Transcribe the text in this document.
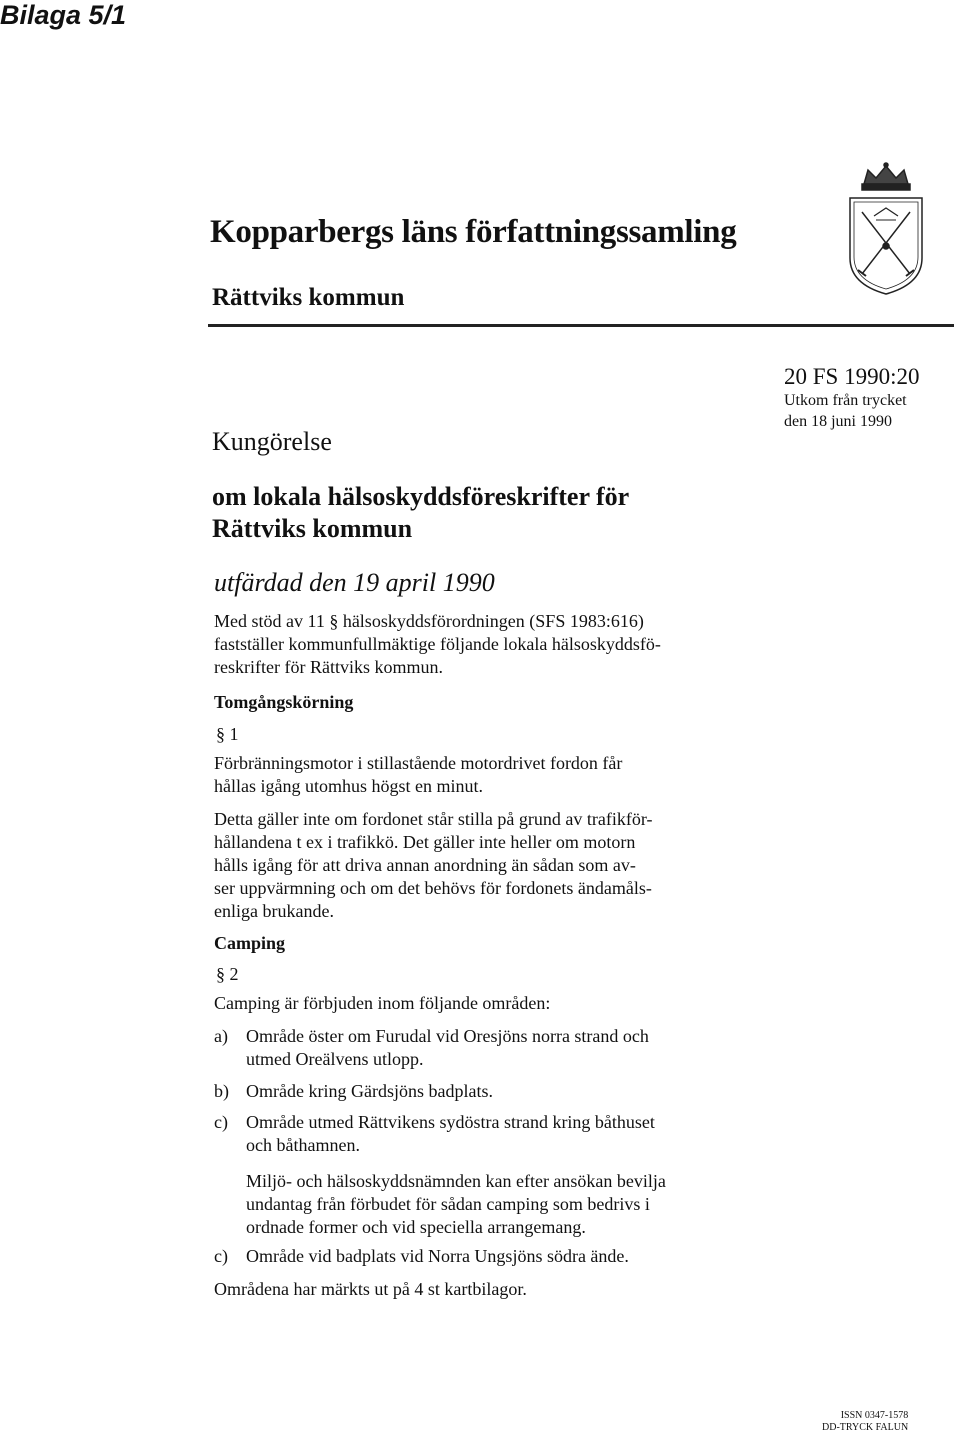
Bilaga 5/1
Kopparbergs läns författningssamling
Rättviks kommun
20 FS 1990:20
Utkom från trycket
den 18 juni 1990
Kungörelse
om lokala hälsoskyddsföreskrifter för
Rättviks kommun
utfärdad den 19 april 1990
Med stöd av 11 § hälsoskyddsförordningen (SFS 1983:616)
fastställer kommunfullmäktige följande lokala hälsoskyddsfö-
reskrifter för Rättviks kommun.
Tomgångskörning
§ 1
Förbränningsmotor i stillastående motordrivet fordon får
hållas igång utomhus högst en minut.
Detta gäller inte om fordonet står stilla på grund av trafikför-
hållandena t ex i trafikkö. Det gäller inte heller om motorn
hålls igång för att driva annan anordning än sådan som av-
ser uppvärmning och om det behövs för fordonets ändamåls-
enliga brukande.
Camping
§ 2
Camping är förbjuden inom följande områden:
a) Område öster om Furudal vid Oresjöns norra strand och
utmed Oreälvens utlopp.
b) Område kring Gärdsjöns badplats.
c) Område utmed Rättvikens sydöstra strand kring båthuset
och båthamnen.
Miljö- och hälsoskyddsnämnden kan efter ansökan bevilja
undantag från förbudet för sådan camping som bedrivs i
ordnade former och vid speciella arrangemang.
c) Område vid badplats vid Norra Ungsjöns södra ände.
Områdena har märkts ut på 4 st kartbilagor.
ISSN 0347-1578
DD-TRYCK FALUN
